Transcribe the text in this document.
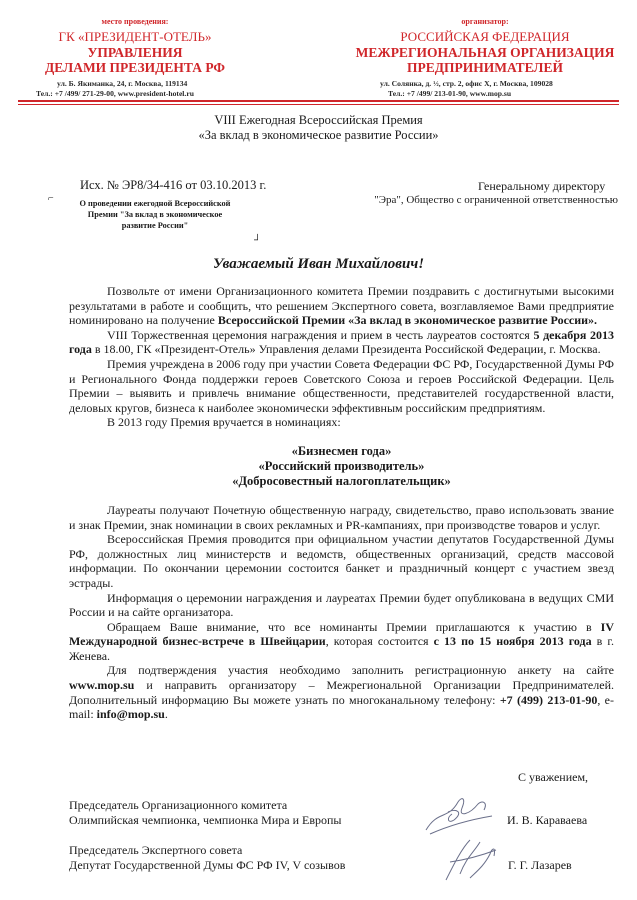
место проведения:
ГК «ПРЕЗИДЕНТ-ОТЕЛЬ»
УПРАВЛЕНИЯ
ДЕЛАМИ ПРЕЗИДЕНТА РФ
ул. Б. Якиманка, 24, г. Москва, 119134
Тел.: +7 /499/ 271-29-00, www.president-hotel.ru
организатор:
РОССИЙСКАЯ ФЕДЕРАЦИЯ
МЕЖРЕГИОНАЛЬНАЯ ОРГАНИЗАЦИЯ
ПРЕДПРИНИМАТЕЛЕЙ
ул. Солянка, д. ½, стр. 2, офис X, г. Москва, 109028
Тел.: +7 /499/ 213-01-90, www.mop.su
VIII Ежегодная Всероссийская Премия
«За вклад в экономическое развитие России»
Исх. № ЭР8/34-416 от 03.10.2013 г.
⌐	О проведении ежегодной Всероссийской
Премии "За вклад в экономическое
развитие России"
┘
Генеральному директору
"Эра", Общество с ограниченной ответственностью
Уважаемый Иван Михайлович!

Позвольте от имени Организационного комитета Премии поздравить с достигнутыми высокими результатами в работе и сообщить, что решением Экспертного совета, возглавляемое Вами предприятие номинировано на получение Всероссийской Премии «За вклад в экономическое развитие России».

VIII Торжественная церемония награждения и прием в честь лауреатов состоятся 5 декабря 2013 года в 18.00, ГК «Президент-Отель» Управления делами Президента Российской Федерации, г. Москва.

Премия учреждена в 2006 году при участии Совета Федерации ФС РФ, Государственной Думы РФ и Регионального Фонда поддержки героев Советского Союза и героев Российской Федерации. Цель Премии – выявить и привлечь внимание общественности, представителей государственной власти, деловых кругов, бизнеса к наиболее экономически эффективным российским предприятиям.

В 2013 году Премия вручается в номинациях:

«Бизнесмен года»
«Российский производитель»
«Добросовестный налогоплательщик»

Лауреаты получают Почетную общественную награду, свидетельство, право использовать звание и знак Премии, знак номинации в своих рекламных и PR-кампаниях, при производстве товаров и услуг.

Всероссийская Премия проводится при официальном участии депутатов Государственной Думы РФ, должностных лиц министерств и ведомств, общественных организаций, средств массовой информации. По окончании церемонии состоится банкет и праздничный концерт с участием звезд эстрады.

Информация о церемонии награждения и лауреатах Премии будет опубликована в ведущих СМИ России и на сайте организатора.

Обращаем Ваше внимание, что все номинанты Премии приглашаются к участию в IV Международной бизнес-встрече в Швейцарии, которая состоится с 13 по 15 ноября 2013 года в г. Женева.

Для подтверждения участия необходимо заполнить регистрационную анкету на сайте www.mop.su и направить организатору – Межрегиональной Организации Предпринимателей. Дополнительный информацию Вы можете узнать по многоканальному телефону: +7 (499) 213-01-90, e-mail: info@mop.su.

С уважением,
Председатель Организационного комитета
Олимпийская чемпионка, чемпионка Мира и Европы	И. В. Караваева
Председатель Экспертного совета
Депутат Государственной Думы ФС РФ IV, V созывов	Г. Г. Лазарев
